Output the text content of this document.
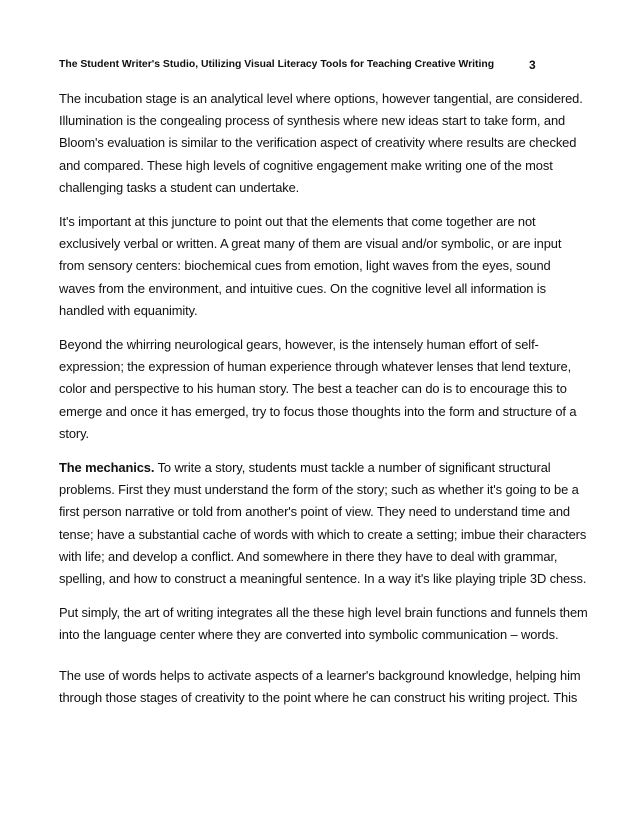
The Student Writer's Studio, Utilizing Visual Literacy Tools for Teaching Creative Writing	3

The incubation stage is an analytical level where options, however tangential, are considered. Illumination is the congealing process of synthesis where new ideas start to take form, and Bloom's evaluation is similar to the verification aspect of creativity where results are checked and compared. These high levels of cognitive engagement make writing one of the most challenging tasks a student can undertake.

It's important at this juncture to point out that the elements that come together are not exclusively verbal or written. A great many of them are visual and/or symbolic, or are input from sensory centers: biochemical cues from emotion, light waves from the eyes, sound waves from the environment, and intuitive cues. On the cognitive level all information is handled with equanimity.

Beyond the whirring neurological gears, however, is the intensely human effort of self-expression; the expression of human experience through whatever lenses that lend texture, color and perspective to his human story. The best a teacher can do is to encourage this to emerge and once it has emerged, try to focus those thoughts into the form and structure of a story.

The mechanics. To write a story, students must tackle a number of significant structural problems. First they must understand the form of the story; such as whether it's going to be a first person narrative or told from another's point of view. They need to understand time and tense; have a substantial cache of words with which to create a setting; imbue their characters with life; and develop a conflict. And somewhere in there they have to deal with grammar, spelling, and how to construct a meaningful sentence. In a way it's like playing triple 3D chess.

Put simply, the art of writing integrates all the these high level brain functions and funnels them into the language center where they are converted into symbolic communication – words.

The use of words helps to activate aspects of a learner's background knowledge, helping him through those stages of creativity to the point where he can construct his writing project. This
